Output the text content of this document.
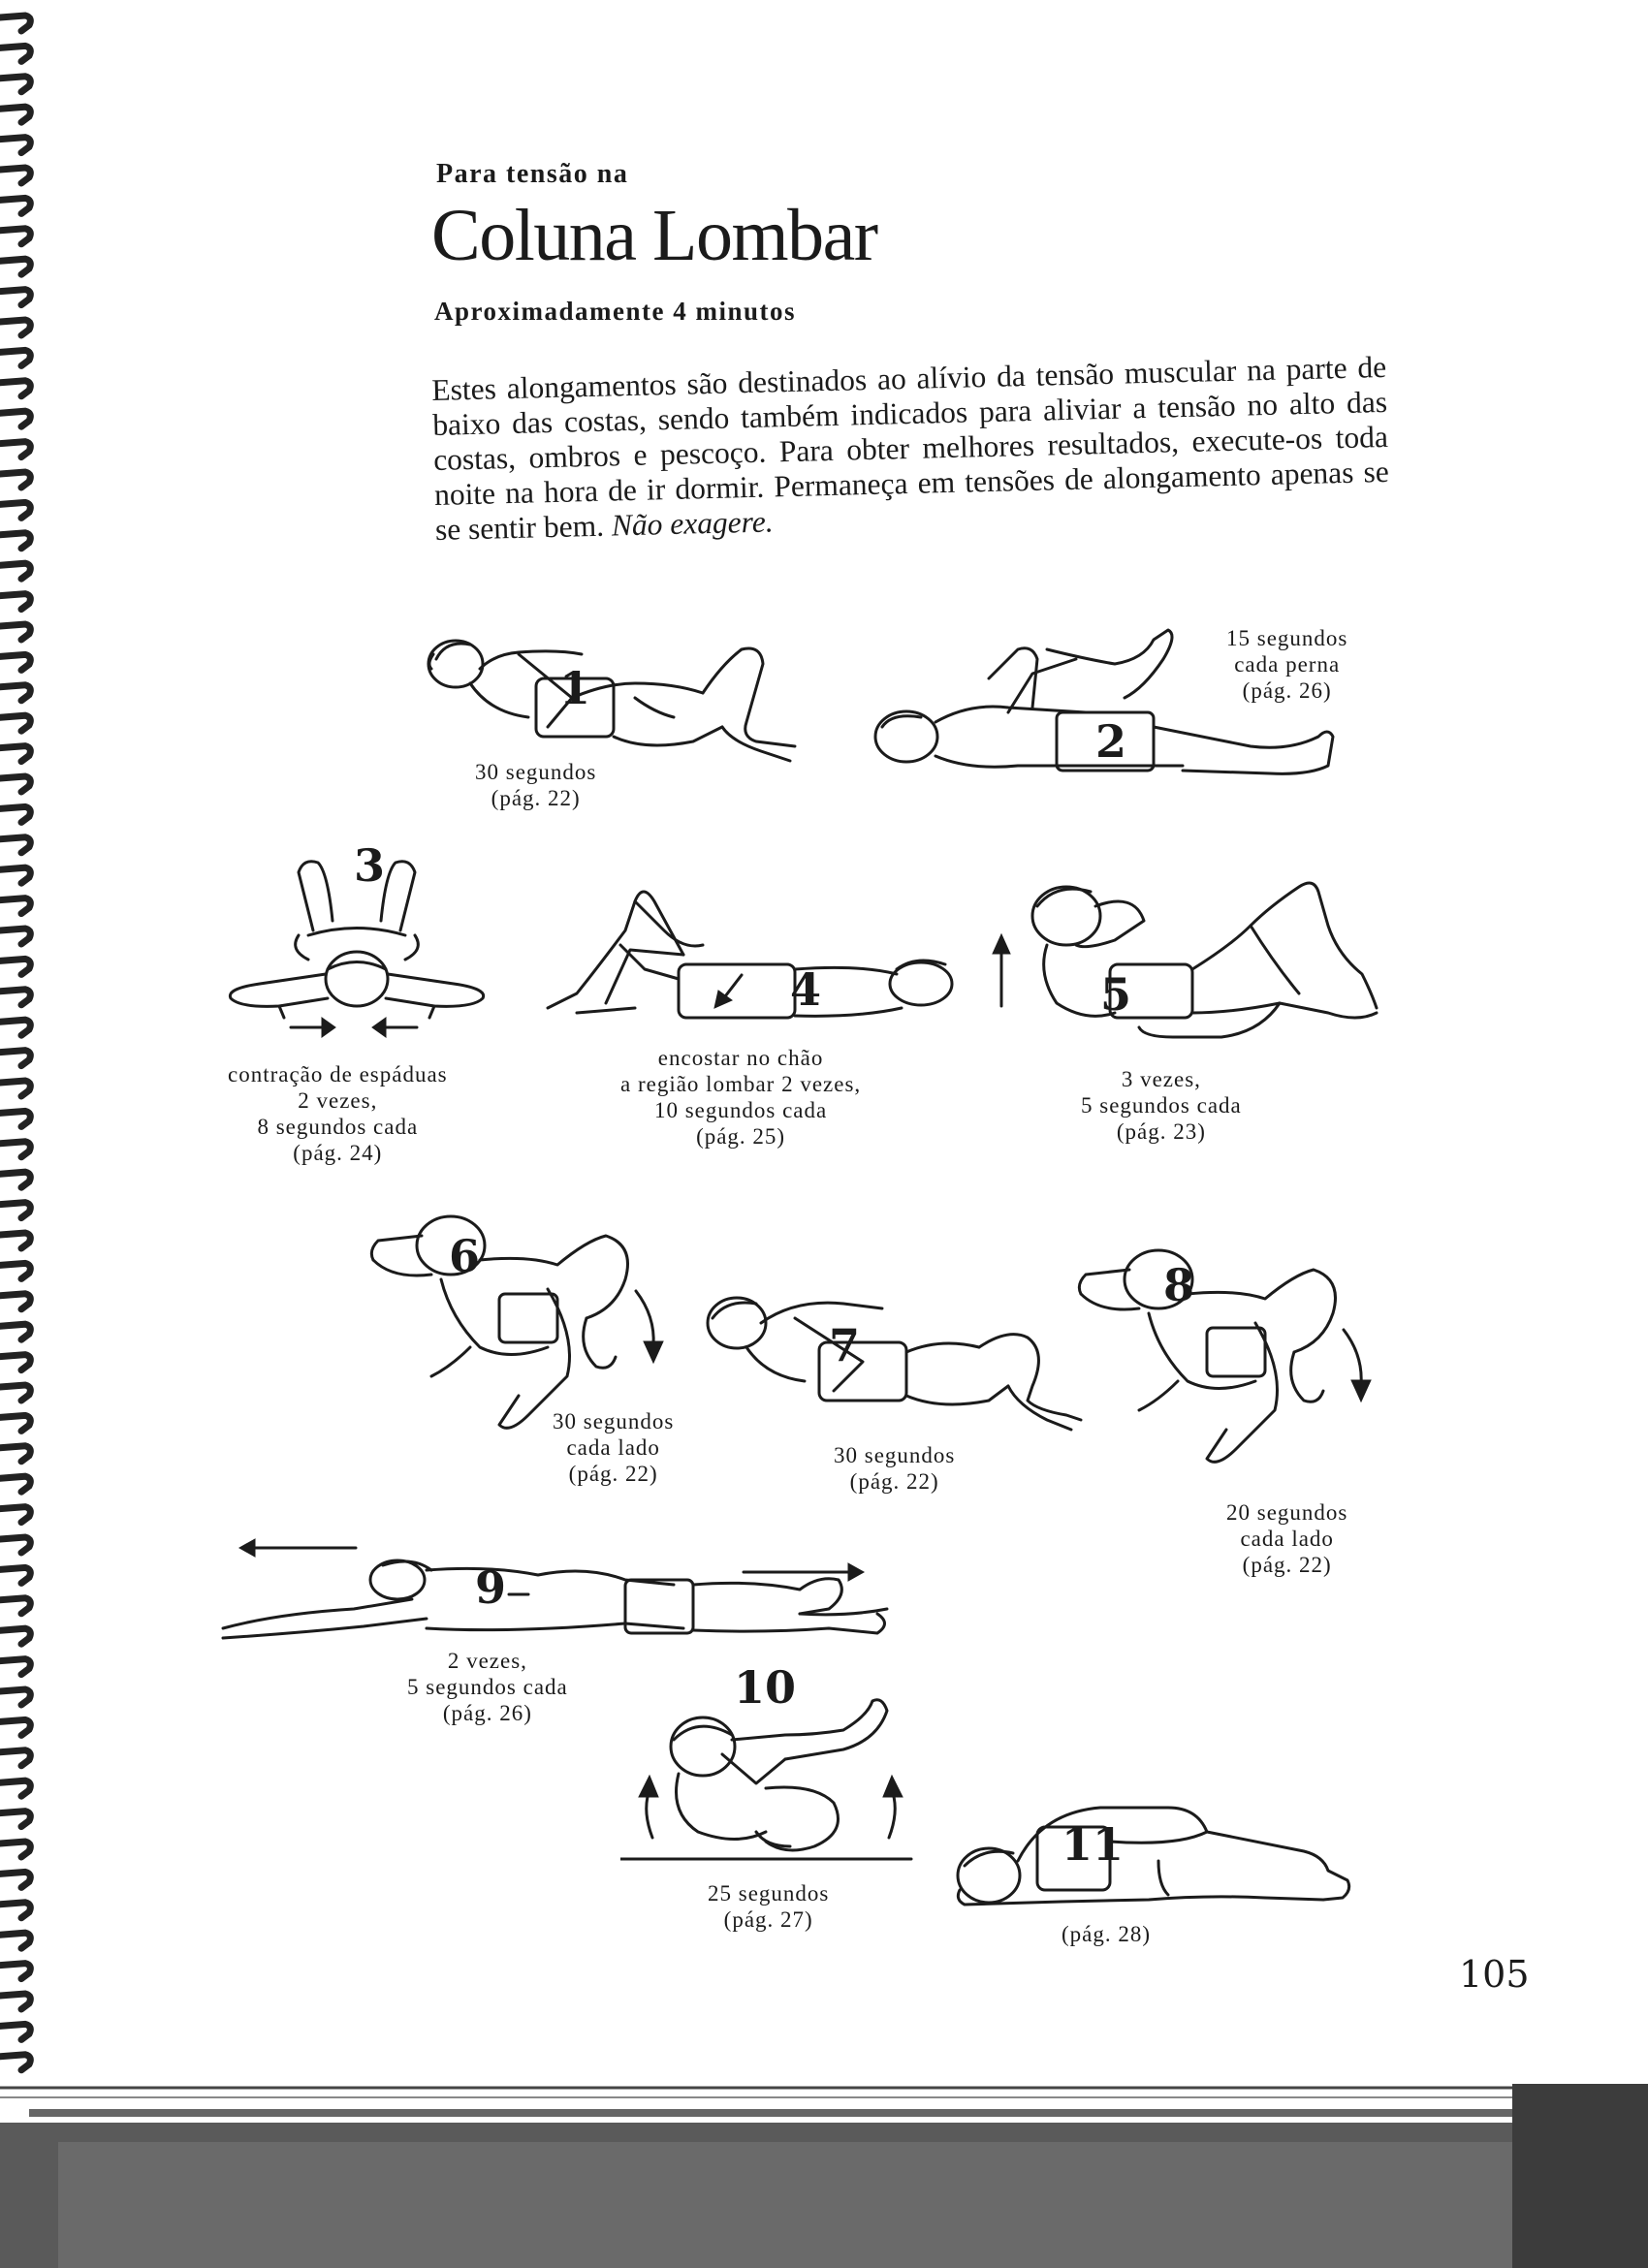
Para tensão na
Coluna Lombar
Aproximadamente 4 minutos
Estes alongamentos são destinados ao alívio da tensão muscular na parte de baixo das costas, sendo também indicados para aliviar a tensão no alto das costas, ombros e pescoço. Para obter melhores resultados, execute-os toda noite na hora de ir dormir. Permaneça em tensões de alongamento apenas se se sentir bem. Não exagere.
1
30 segundos
(pág. 22)
2
15 segundos
cada perna
(pág. 26)
3
contração de espáduas
2 vezes,
8 segundos cada
(pág. 24)
4
encostar no chão
a região lombar 2 vezes,
10 segundos cada
(pág. 25)
5
3 vezes,
5 segundos cada
(pág. 23)
6
30 segundos
cada lado
(pág. 22)
7
30 segundos
(pág. 22)
8
20 segundos
cada lado
(pág. 22)
9
2 vezes,
5 segundos cada
(pág. 26)	10
25 segundos
(pág. 27)
11
(pág. 28)
105
